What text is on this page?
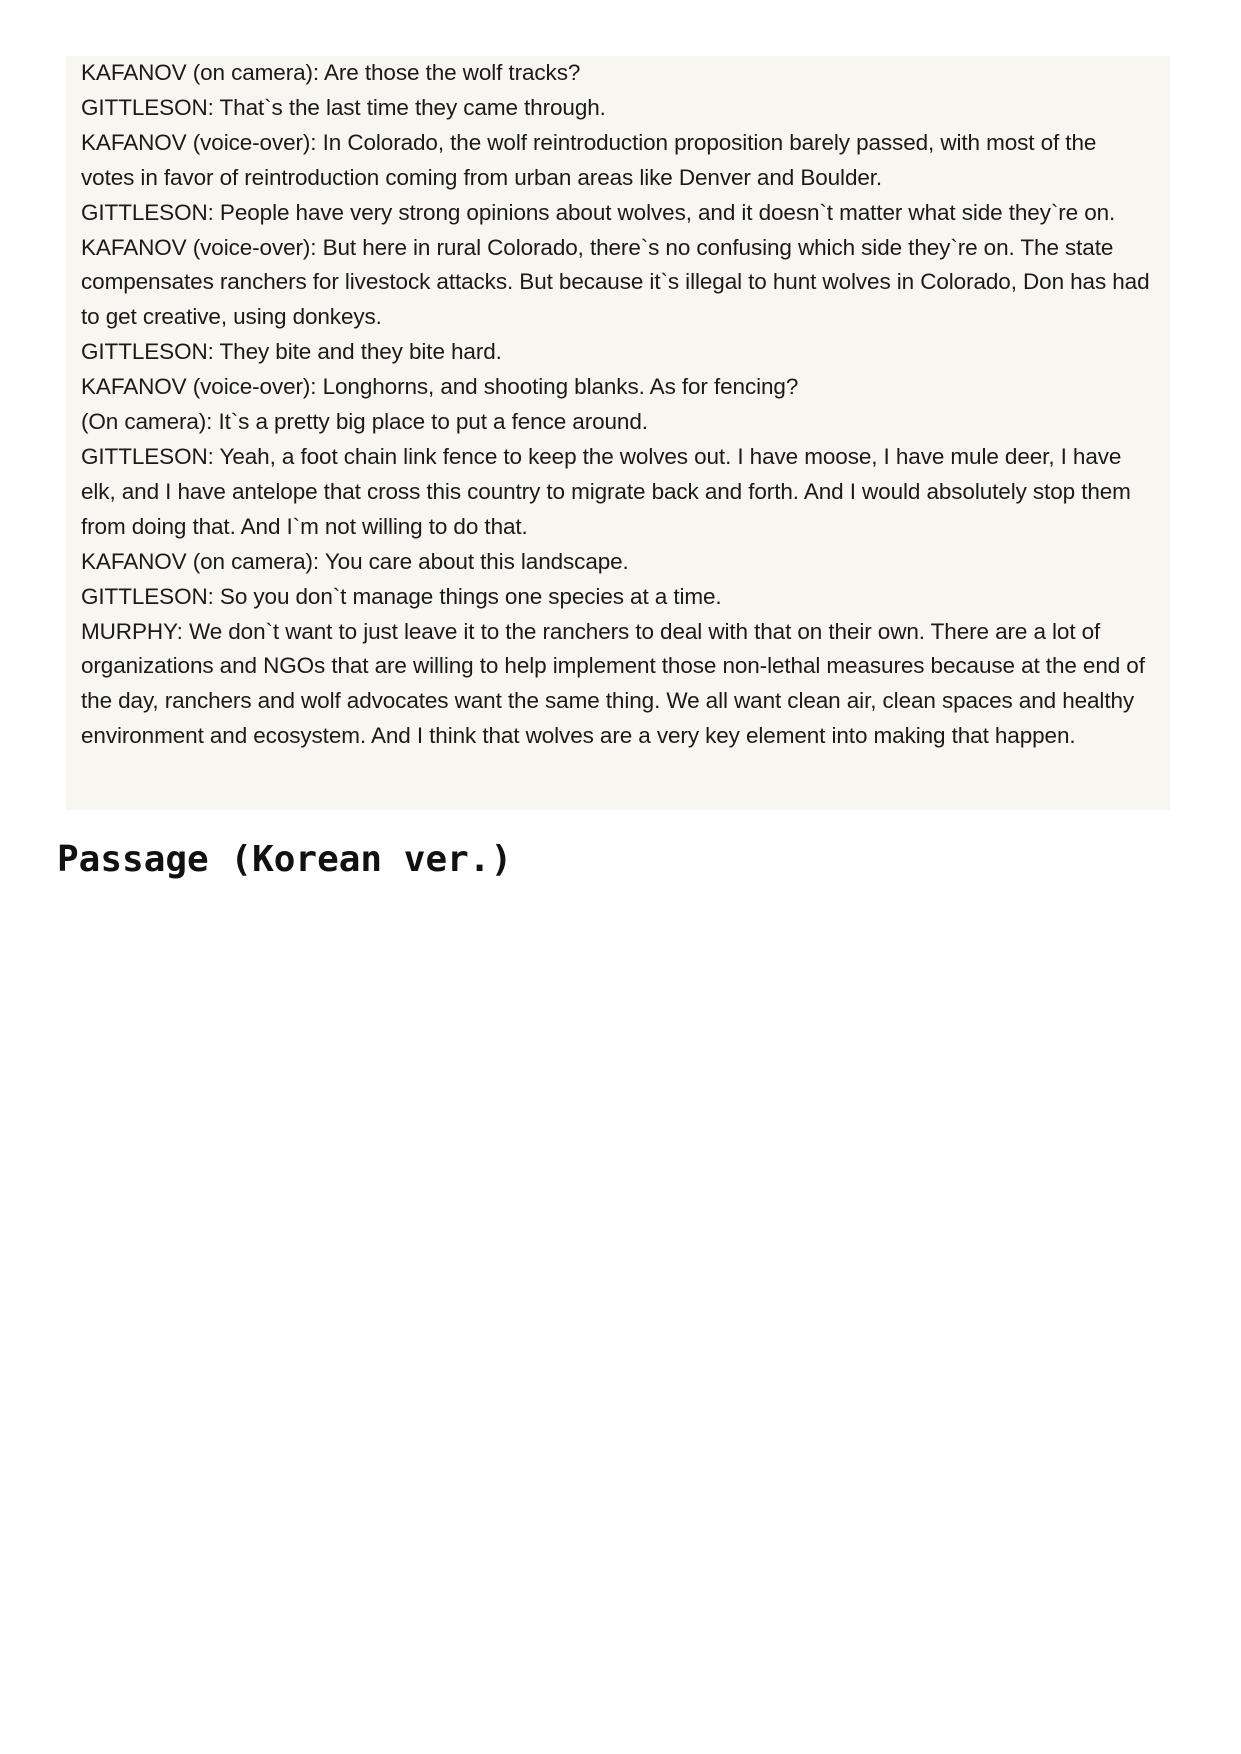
KAFANOV (on camera): Are those the wolf tracks?

GITTLESON: That`s the last time they came through.

KAFANOV (voice-over): In Colorado, the wolf reintroduction proposition barely passed, with most of the votes in favor of reintroduction coming from urban areas like Denver and Boulder.

GITTLESON: People have very strong opinions about wolves, and it doesn`t matter what side they`re on.

KAFANOV (voice-over): But here in rural Colorado, there`s no confusing which side they`re on. The state compensates ranchers for livestock attacks. But because it`s illegal to hunt wolves in Colorado, Don has had to get creative, using donkeys.

GITTLESON: They bite and they bite hard.

KAFANOV (voice-over): Longhorns, and shooting blanks. As for fencing?

(On camera): It`s a pretty big place to put a fence around.

GITTLESON: Yeah, a foot chain link fence to keep the wolves out. I have moose, I have mule deer, I have elk, and I have antelope that cross this country to migrate back and forth. And I would absolutely stop them from doing that. And I`m not willing to do that.

KAFANOV (on camera): You care about this landscape.

GITTLESON: So you don`t manage things one species at a time.

MURPHY: We don`t want to just leave it to the ranchers to deal with that on their own. There are a lot of organizations and NGOs that are willing to help implement those non-lethal measures because at the end of the day, ranchers and wolf advocates want the same thing. We all want clean air, clean spaces and healthy environment and ecosystem. And I think that wolves are a very key element into making that happen.

Passage (Korean ver.)
